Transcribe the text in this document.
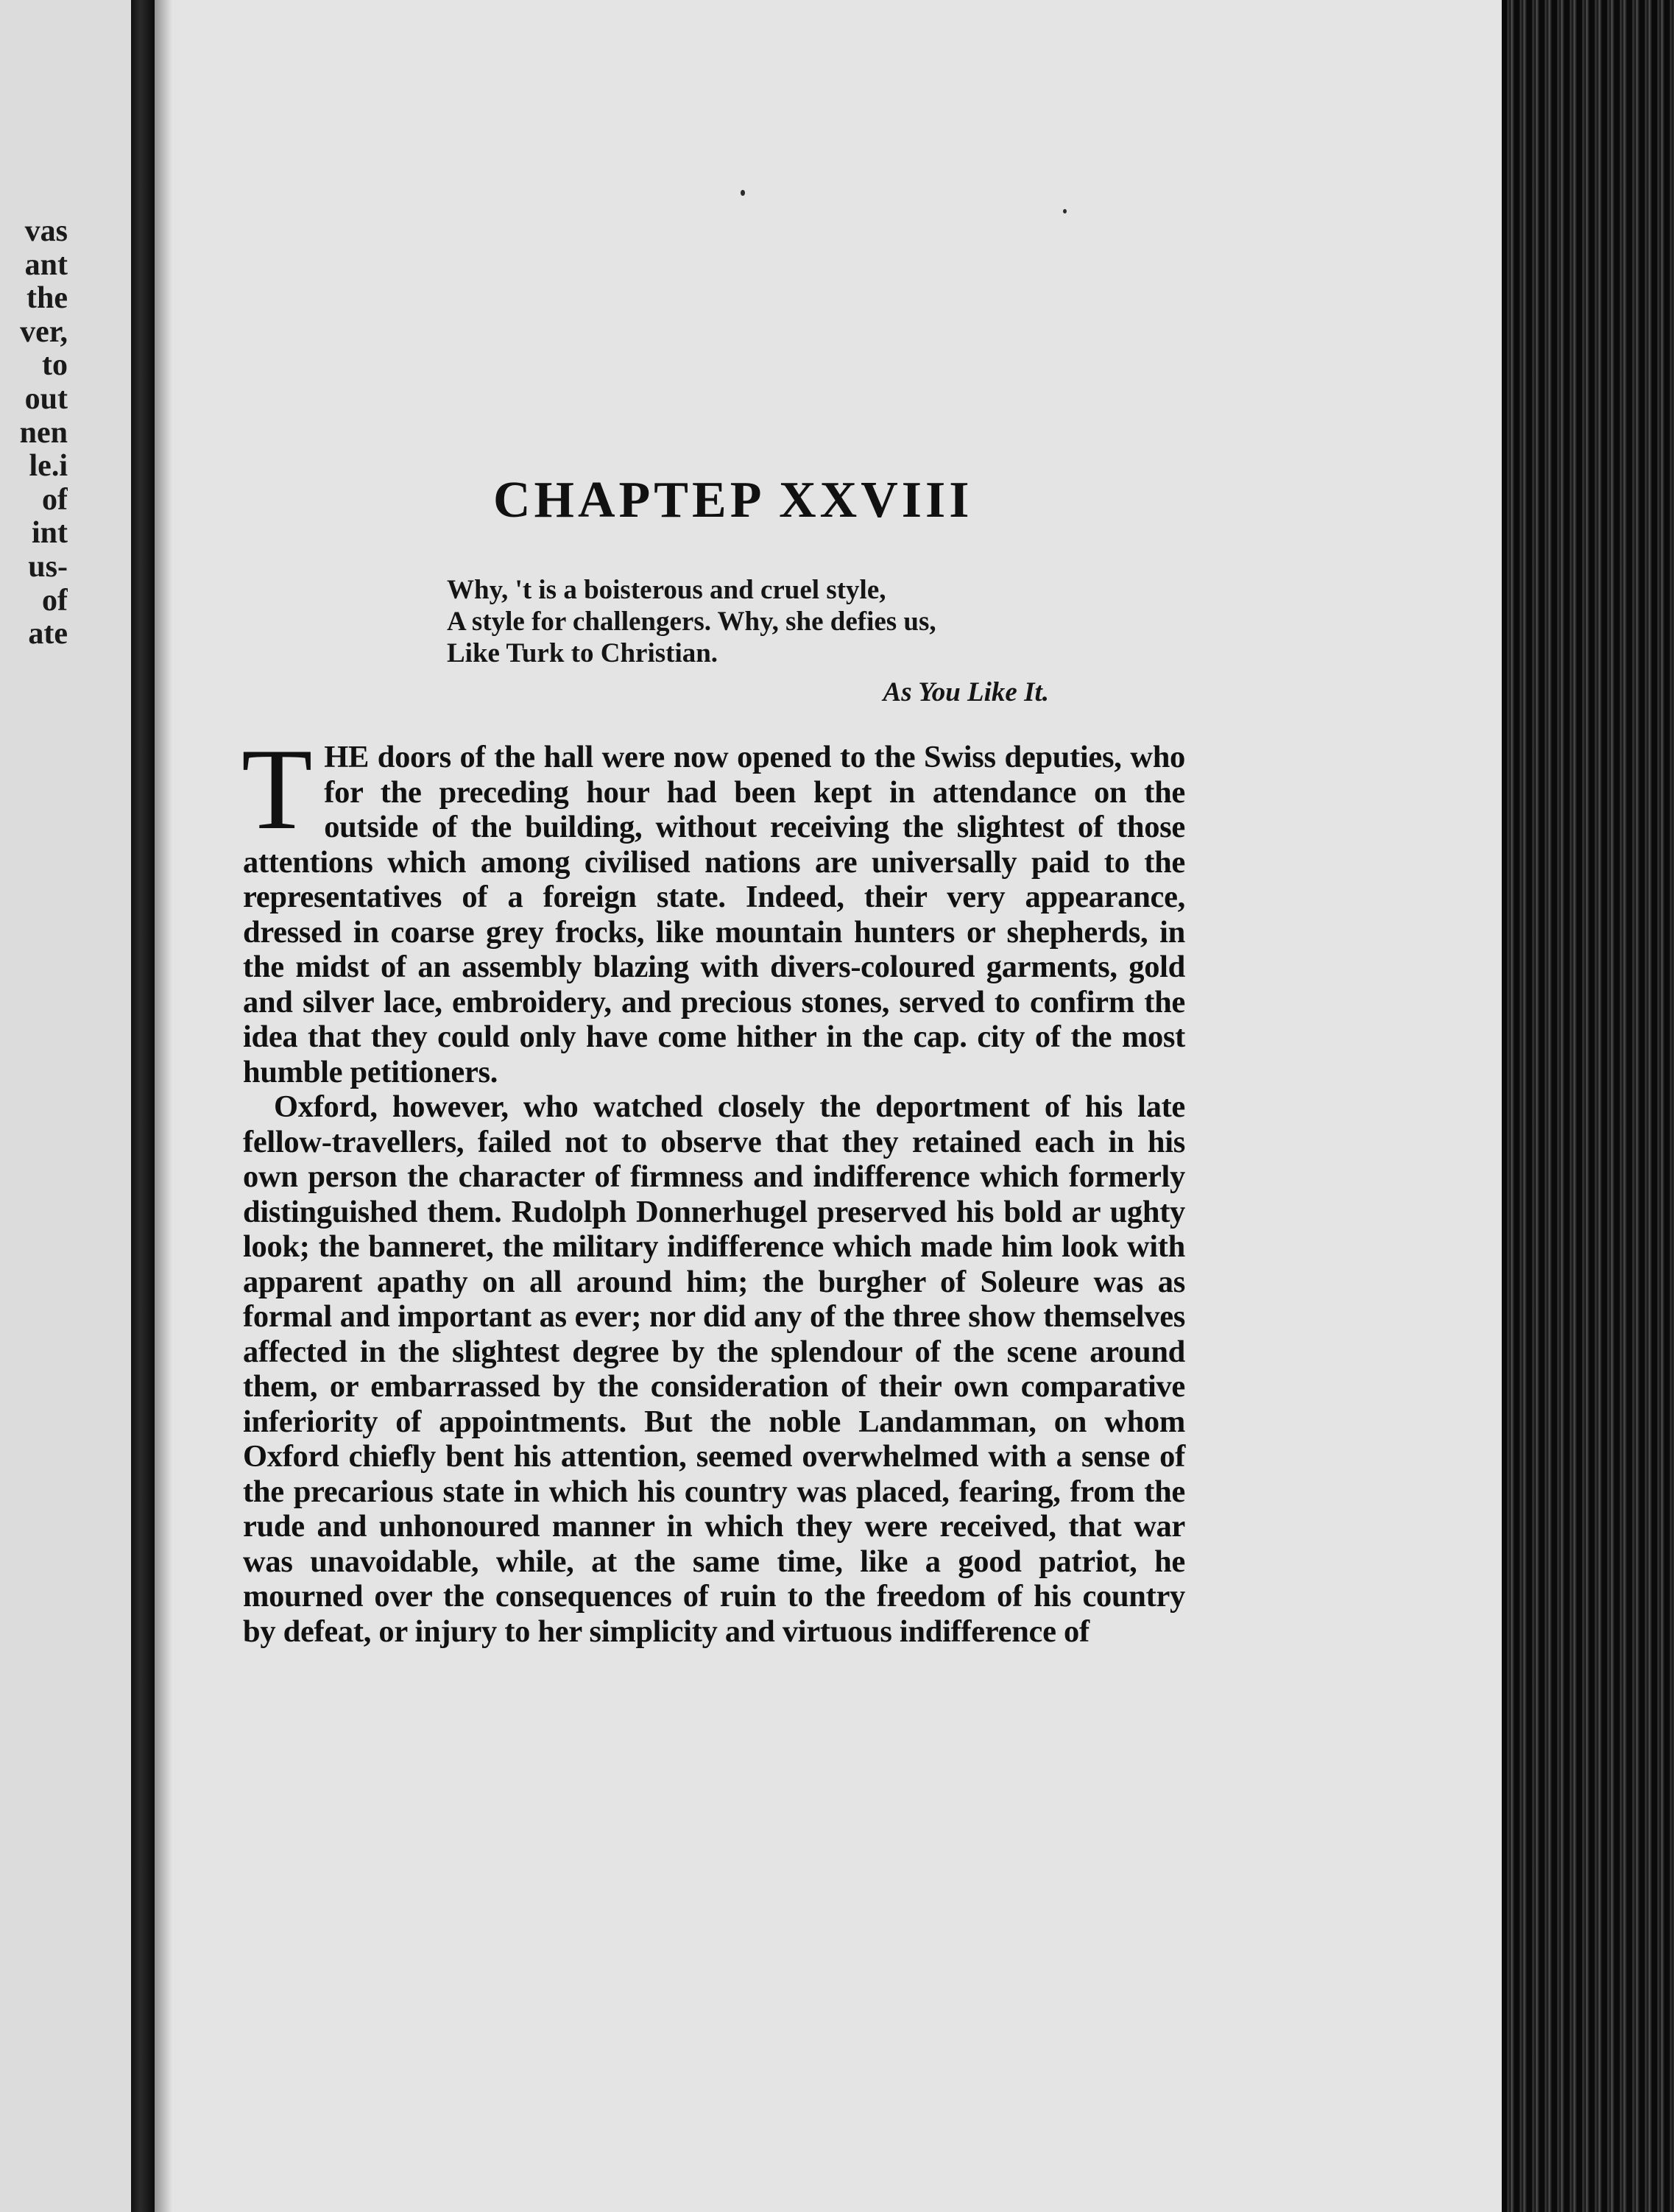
vas
ant
the
ver,
to
out
nen
le.i
of
int
us-
of
ate
CHAPTEP XXVIII
Why, 't is a boisterous and cruel style,
A style for challengers. Why, she defies us,
Like Turk to Christian.
As You Like It.

THE doors of the hall were now opened to the Swiss deputies, who for the preceding hour had been kept in attendance on the outside of the building, without receiving the slightest of those attentions which among civilised nations are universally paid to the representatives of a foreign state. Indeed, their very appearance, dressed in coarse grey frocks, like mountain hunters or shepherds, in the midst of an assembly blazing with divers-coloured garments, gold and silver lace, embroidery, and precious stones, served to confirm the idea that they could only have come hither in the cap. city of the most humble petitioners.

Oxford, however, who watched closely the deportment of his late fellow-travellers, failed not to observe that they retained each in his own person the character of firmness and indifference which formerly distinguished them. Rudolph Donnerhugel preserved his bold ar ughty look; the banneret, the military indifference which made him look with apparent apathy on all around him; the burgher of Soleure was as formal and important as ever; nor did any of the three show themselves affected in the slightest degree by the splendour of the scene around them, or embarrassed by the consideration of their own comparative inferiority of appointments. But the noble Landamman, on whom Oxford chiefly bent his attention, seemed overwhelmed with a sense of the precarious state in which his country was placed, fearing, from the rude and unhonoured manner in which they were received, that war was unavoidable, while, at the same time, like a good patriot, he mourned over the consequences of ruin to the freedom of his country by defeat, or injury to her simplicity and virtuous indifference of
